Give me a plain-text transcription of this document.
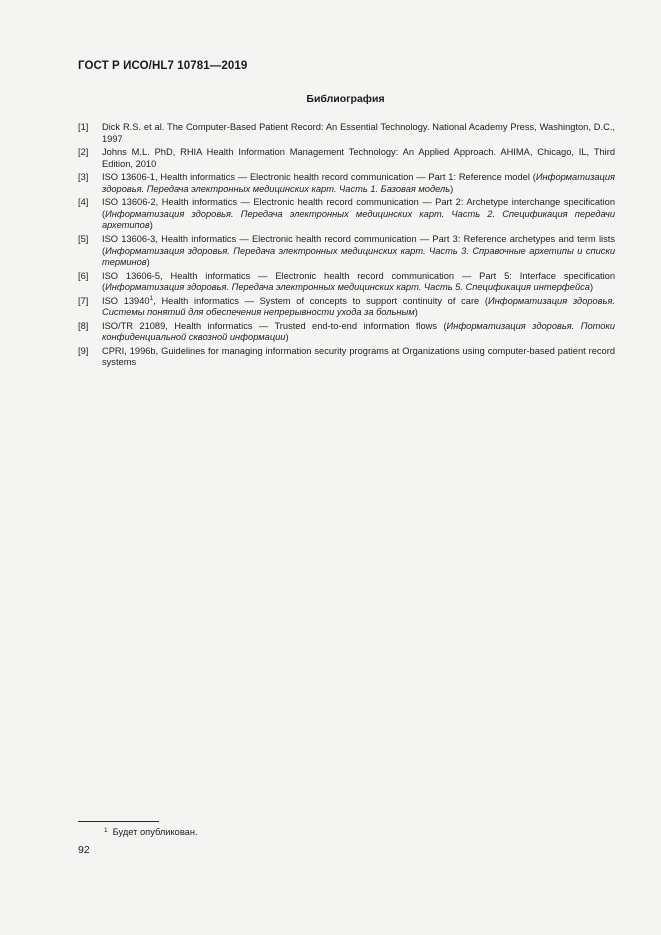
ГОСТ Р ИСО/HL7 10781—2019
Библиография
[1]	Dick R.S. et al. The Computer-Based Patient Record: An Essential Technology. National Academy Press, Washington, D.C., 1997
[2]	Johns M.L. PhD, RHIA Health Information Management Technology: An Applied Approach. AHIMA, Chicago, IL, Third Edition, 2010
[3]	ISO 13606-1, Health informatics — Electronic health record communication — Part 1: Reference model (Информатизация здоровья. Передача электронных медицинских карт. Часть 1. Базовая модель)
[4]	ISO 13606-2, Health informatics — Electronic health record communication — Part 2: Archetype interchange specification (Информатизация здоровья. Передача электронных медицинских карт. Часть 2. Спецификация передачи архетипов)
[5]	ISO 13606-3, Health informatics — Electronic health record communication — Part 3: Reference archetypes and term lists (Информатизация здоровья. Передача электронных медицинских карт. Часть 3. Справочные архетипы и списки терминов)
[6]	ISO 13606-5, Health informatics — Electronic health record communication — Part 5: Interface specification (Информатизация здоровья. Передача электронных медицинских карт. Часть 5. Спецификация интерфейса)
[7]	ISO 13940$^1$, Health informatics — System of concepts to support continuity of care (Информатизация здоровья. Системы понятий для обеспечения непрерывности ухода за больным)
[8]	ISO/TR 21089, Health informatics — Trusted end-to-end information flows (Информатизация здоровья. Потоки конфиденциальной сквозной информации)
[9]	CPRI, 1996b, Guidelines for managing information security programs at Organizations using computer-based patient record systems
$^1$ Будет опубликован.
92
